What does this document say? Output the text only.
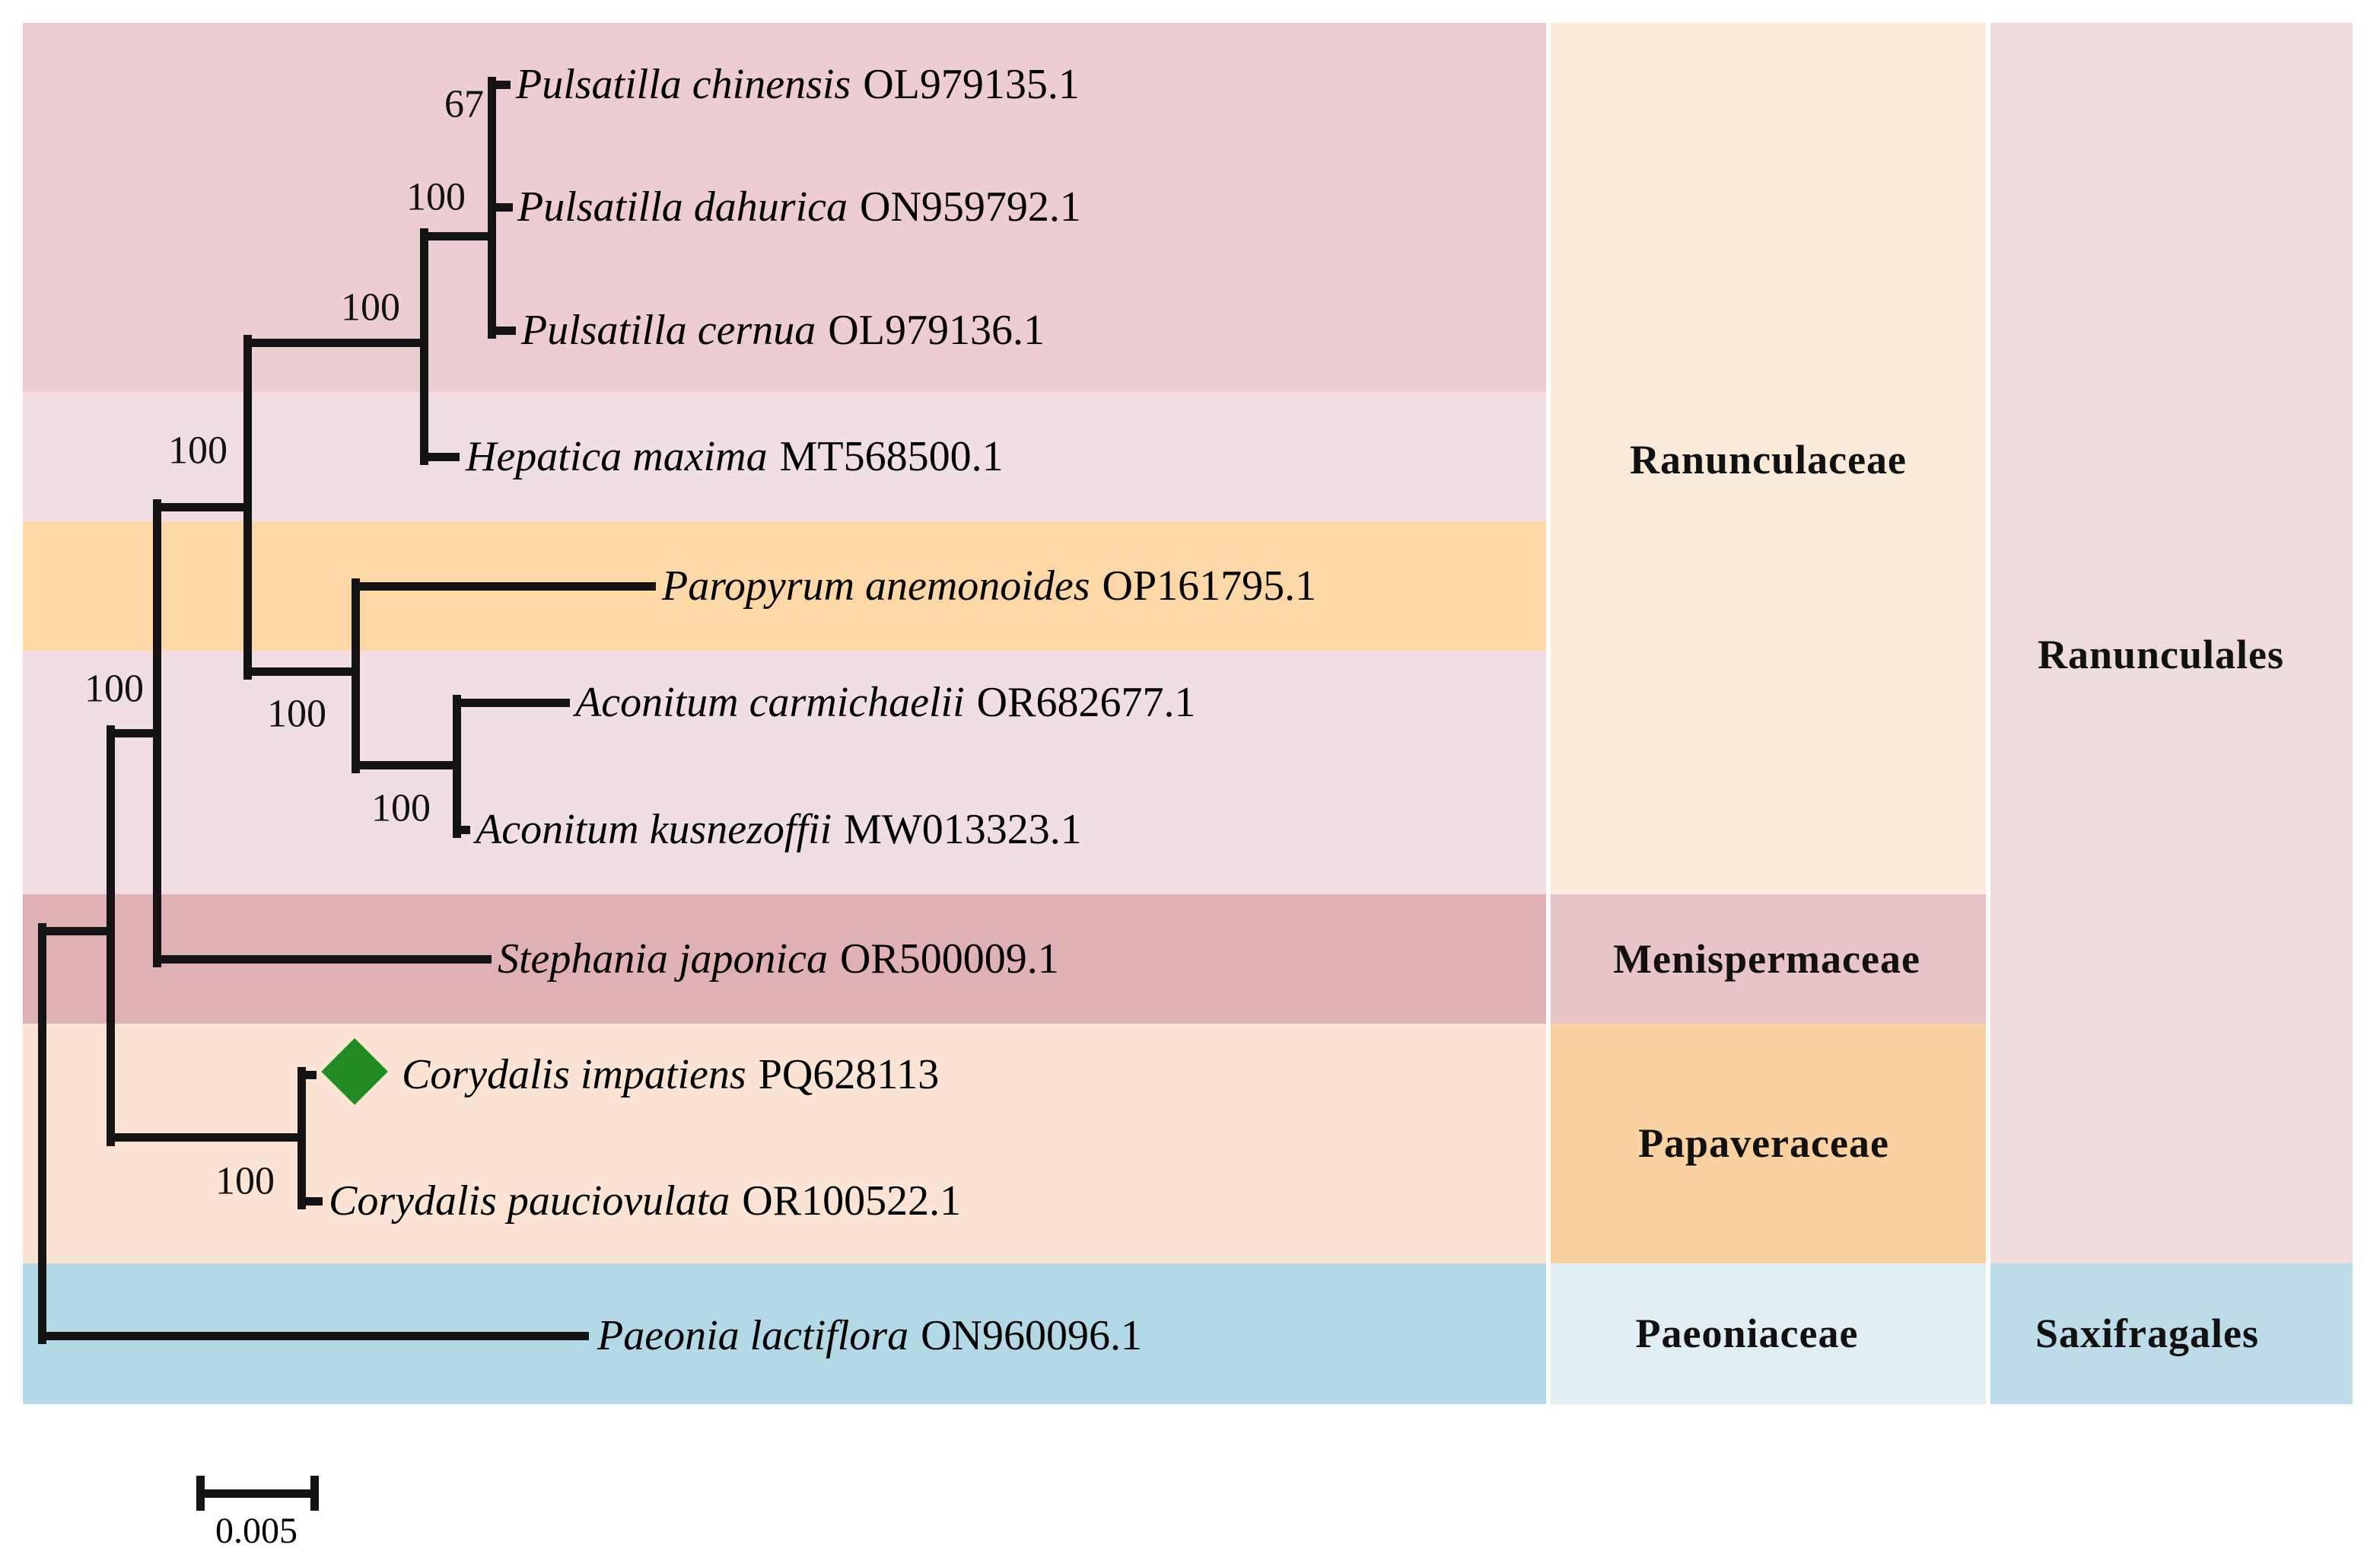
Ranunculaceae
Menispermaceae
Papaveraceae
Paeoniaceae
Ranunculales
Saxifragales
Pulsatilla chinensis OL979135.1
Pulsatilla dahurica ON959792.1
Pulsatilla cernua OL979136.1
Hepatica maxima MT568500.1
Paropyrum anemonoides OP161795.1
Aconitum carmichaelii OR682677.1
Aconitum kusnezoffii MW013323.1
Stephania japonica OR500009.1
Corydalis impatiens PQ628113
Corydalis pauciovulata OR100522.1
Paeonia lactiflora ON960096.1
67
100
100
100
100
100
100
100
0.005
